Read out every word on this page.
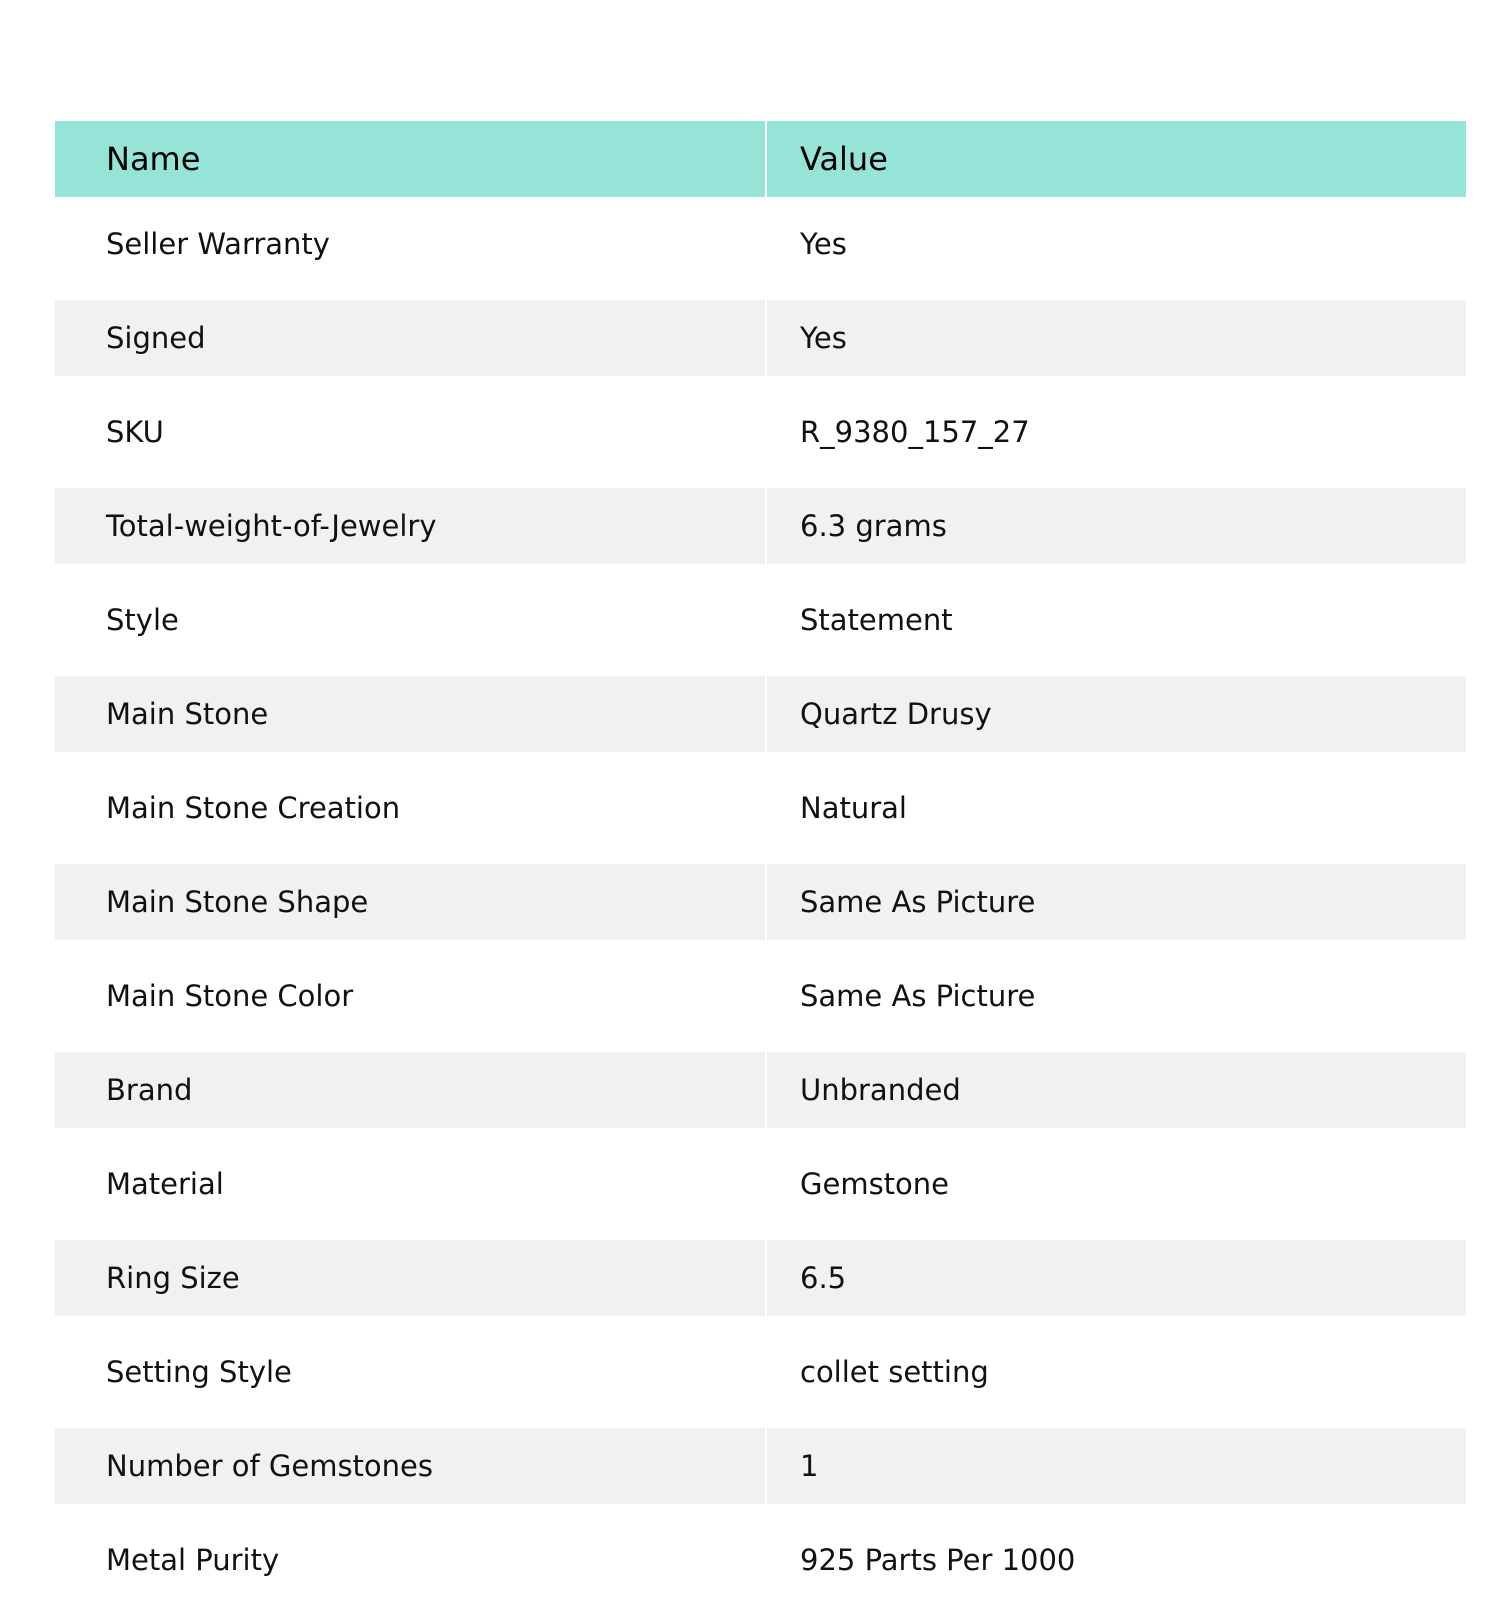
Name	Value
Seller Warranty	Yes
Signed	Yes
SKU	R_9380_157_27
Total-weight-of-Jewelry	6.3 grams
Style	Statement
Main Stone	Quartz Drusy
Main Stone Creation	Natural
Main Stone Shape	Same As Picture
Main Stone Color	Same As Picture
Brand	Unbranded
Material	Gemstone
Ring Size	6.5
Setting Style	collet setting
Number of Gemstones	1
Metal Purity	925 Parts Per 1000
